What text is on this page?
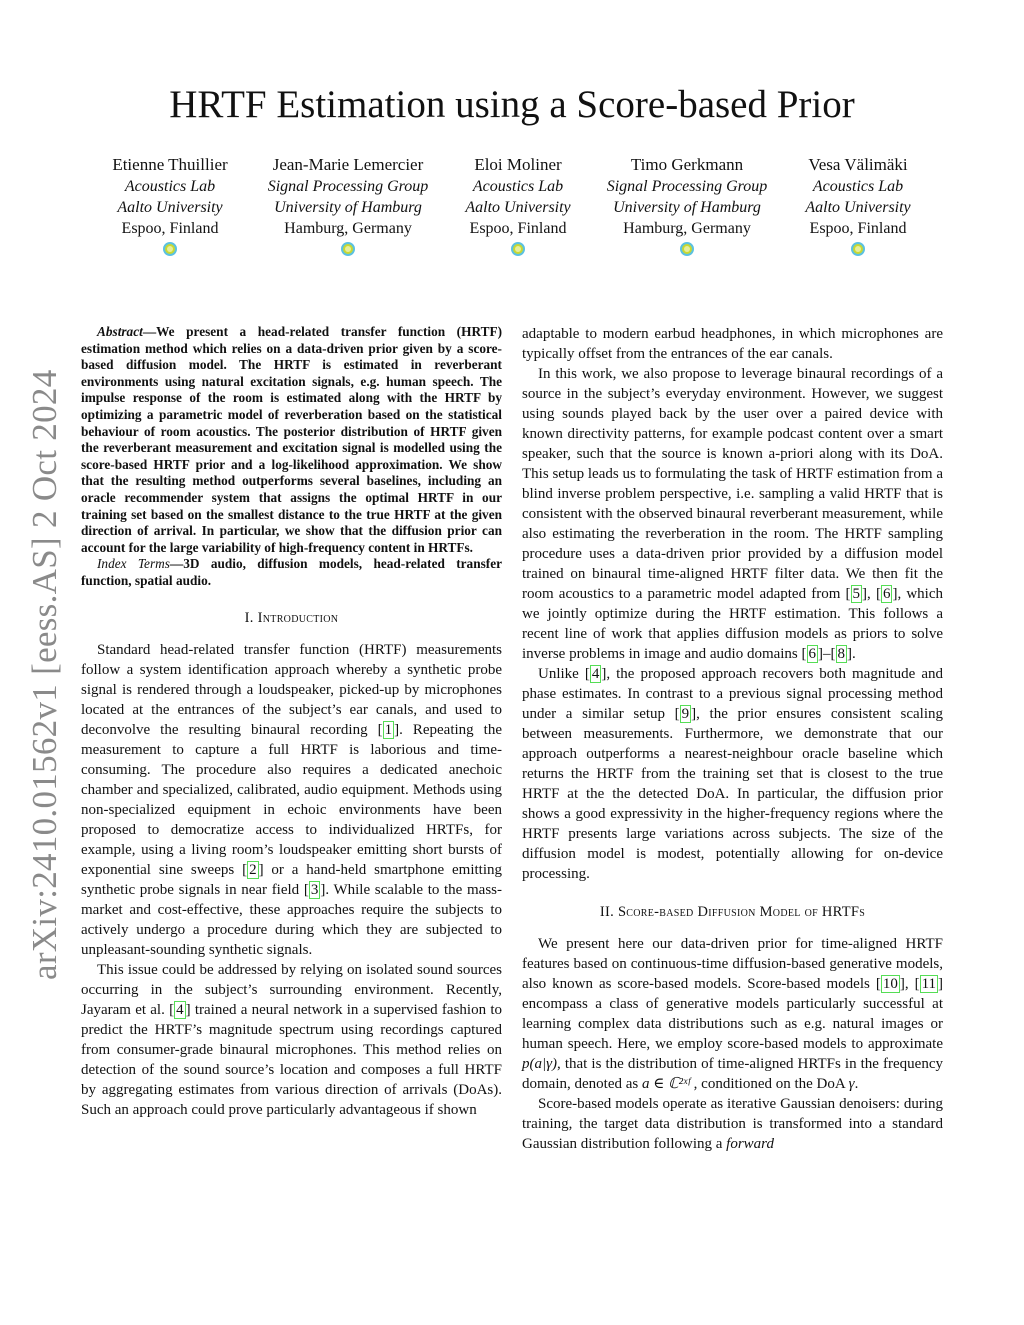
arXiv:2410.01562v1 [eess.AS] 2 Oct 2024
HRTF Estimation using a Score-based Prior
Etienne Thuillier
Acoustics Lab
Aalto University
Espoo, Finland
Jean-Marie Lemercier
Signal Processing Group
University of Hamburg
Hamburg, Germany
Eloi Moliner
Acoustics Lab
Aalto University
Espoo, Finland
Timo Gerkmann
Signal Processing Group
University of Hamburg
Hamburg, Germany
Vesa Välimäki
Acoustics Lab
Aalto University
Espoo, Finland

Abstract—We present a head-related transfer function (HRTF) estimation method which relies on a data-driven prior given by a score-based diffusion model. The HRTF is estimated in reverberant environments using natural excitation signals, e.g. human speech. The impulse response of the room is estimated along with the HRTF by optimizing a parametric model of reverberation based on the statistical behaviour of room acoustics. The posterior distribution of HRTF given the reverberant measurement and excitation signal is modelled using the score-based HRTF prior and a log-likelihood approximation. We show that the resulting method outperforms several baselines, including an oracle recommender system that assigns the optimal HRTF in our training set based on the smallest distance to the true HRTF at the given direction of arrival. In particular, we show that the diffusion prior can account for the large variability of high-frequency content in HRTFs.

Index Terms—3D audio, diffusion models, head-related transfer function, spatial audio.

I. Introduction

Standard head-related transfer function (HRTF) measurements follow a system identification approach whereby a synthetic probe signal is rendered through a loudspeaker, picked-up by microphones located at the entrances of the subject’s ear canals, and used to deconvolve the resulting binaural recording [ 1 ]. Repeating the measurement to capture a full HRTF is laborious and time-consuming. The procedure also requires a dedicated anechoic chamber and specialized, calibrated, audio equipment. Methods using non-specialized equipment in echoic environments have been proposed to democratize access to individualized HRTFs, for example, using a living room’s loudspeaker emitting short bursts of exponential sine sweeps [ 2 ] or a hand-held smartphone emitting synthetic probe signals in near field [ 3 ]. While scalable to the mass-market and cost-effective, these approaches require the subjects to actively undergo a procedure during which they are subjected to unpleasant-sounding synthetic signals.

This issue could be addressed by relying on isolated sound sources occurring in the subject’s surrounding environment. Recently, Jayaram et al. [ 4 ] trained a neural network in a supervised fashion to predict the HRTF’s magnitude spectrum using recordings captured from consumer-grade binaural microphones. This method relies on detection of the sound source’s location and composes a full HRTF by aggregating estimates from various direction of arrivals (DoAs). Such an approach could prove particularly advantageous if shown

adaptable to modern earbud headphones, in which microphones are typically offset from the entrances of the ear canals.

In this work, we also propose to leverage binaural recordings of a source in the subject’s everyday environment. However, we suggest using sounds played back by the user over a paired device with known directivity patterns, for example podcast content over a smart speaker, such that the source is known a-priori along with its DoA. This setup leads us to formulating the task of HRTF estimation from a blind inverse problem perspective, i.e. sampling a valid HRTF that is consistent with the observed binaural reverberant measurement, while also estimating the reverberation in the room. The HRTF sampling procedure uses a data-driven prior provided by a diffusion model trained on binaural time-aligned HRTF filter data. We then fit the room acoustics to a parametric model adapted from [ 5 ], [ 6 ], which we jointly optimize during the HRTF estimation. This follows a recent line of work that applies diffusion models as priors to solve inverse problems in image and audio domains [ 6 ]–[ 8 ].

Unlike [ 4 ], the proposed approach recovers both magnitude and phase estimates. In contrast to a previous signal processing method under a similar setup [ 9 ], the prior ensures consistent scaling between measurements. Furthermore, we demonstrate that our approach outperforms a nearest-neighbour oracle baseline which returns the HRTF from the training set that is closest to the true HRTF at the the detected DoA. In particular, the diffusion prior shows a good expressivity in the higher-frequency regions where the HRTF presents large variations across subjects. The size of the diffusion model is modest, potentially allowing for on-device processing.

II. Score-based Diffusion Model of HRTFs

We present here our data-driven prior for time-aligned HRTF features based on continuous-time diffusion-based generative models, also known as score-based models. Score-based models [ 10 ], [ 11 ] encompass a class of generative models particularly successful at learning complex data distributions such as e.g. natural images or human speech. Here, we employ score-based models to approximate p(a|γ), that is the distribution of time-aligned HRTFs in the frequency domain, denoted as a ∈ ℂ²ˣᶠ , conditioned on the DoA γ.

Score-based models operate as iterative Gaussian denoisers: during training, the target data distribution is transformed into a standard Gaussian distribution following a forward
